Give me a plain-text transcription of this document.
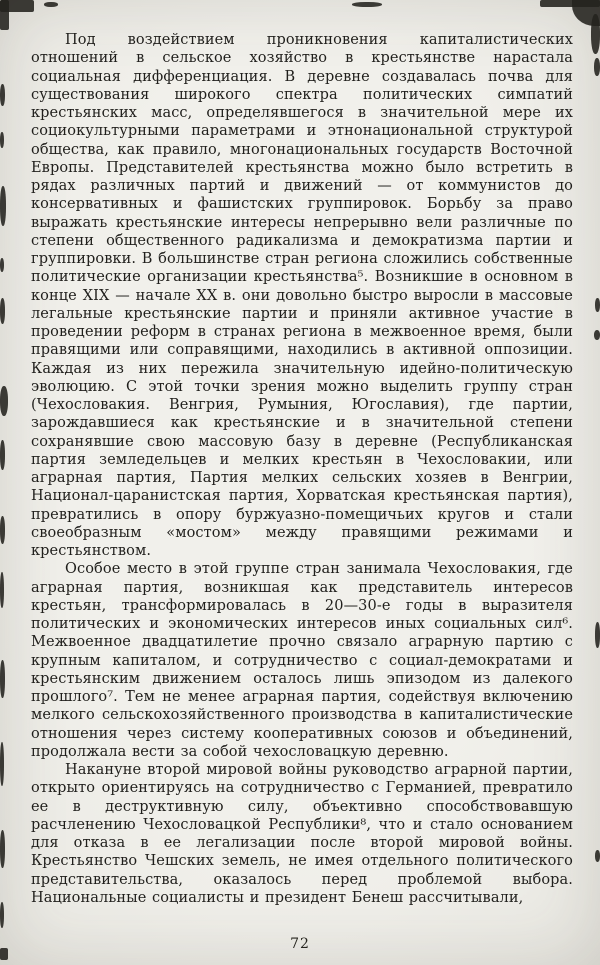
Под воздействием проникновения капиталистических отношений в сельское хозяйство в крестьянстве нарастала социальная дифференциация. В деревне создавалась почва для существования широкого спектра политических симпатий крестьянских масс, определявшегося в значительной мере их социокультурными параметрами и этнонациональной структурой общества, как правило, многонациональных государств Восточной Европы. Представителей крестьянства можно было встретить в рядах различных партий и движений — от коммунистов до консервативных и фашистских группировок. Борьбу за право выражать крестьянские интересы непрерывно вели различные по степени общественного радикализма и демократизма партии и группировки. В большинстве стран региона сложились собственные политические организации крестьянства⁵. Возникшие в основном в конце XIX — начале XX в. они довольно быстро выросли в массовые легальные крестьянские партии и приняли активное участие в проведении реформ в странах региона в межвоенное время, были правящими или соправящими, находились в активной оппозиции. Каждая из них пережила значительную идейно-политическую эволюцию. С этой точки зрения можно выделить группу стран (Чехословакия. Венгрия, Румыния, Югославия), где партии, зарождавшиеся как крестьянские и в значительной степени сохранявшие свою массовую базу в деревне (Республиканская партия земледельцев и мелких крестьян в Чехословакии, или аграрная партия, Партия мелких сельских хозяев в Венгрии, Национал-царанистская партия, Хорватская крестьянская партия), превратились в опору буржуазно-помещичьих кругов и стали своеобразным «мостом» между правящими режимами и крестьянством.

Особое место в этой группе стран занимала Чехословакия, где аграрная партия, возникшая как представитель интересов крестьян, трансформировалась в 20—30-е годы в выразителя политических и экономических интересов иных социальных сил⁶. Межвоенное двадцатилетие прочно связало аграрную партию с крупным капиталом, и сотрудничество с социал-демократами и крестьянским движением осталось лишь эпизодом из далекого прошлого⁷. Тем не менее аграрная партия, содействуя включению мелкого сельскохозяйственного производства в капиталистические отношения через систему кооперативных союзов и объединений, продолжала вести за собой чехословацкую деревню.

Накануне второй мировой войны руководство аграрной партии, открыто ориентируясь на сотрудничество с Германией, превратило ее в деструктивную силу, объективно способствовавшую расчленению Чехословацкой Республики⁸, что и стало основанием для отказа в ее легализации после второй мировой войны. Крестьянство Чешских земель, не имея отдельного политического представительства, оказалось перед проблемой выбора. Национальные социалисты и президент Бенеш рассчитывали,

72
